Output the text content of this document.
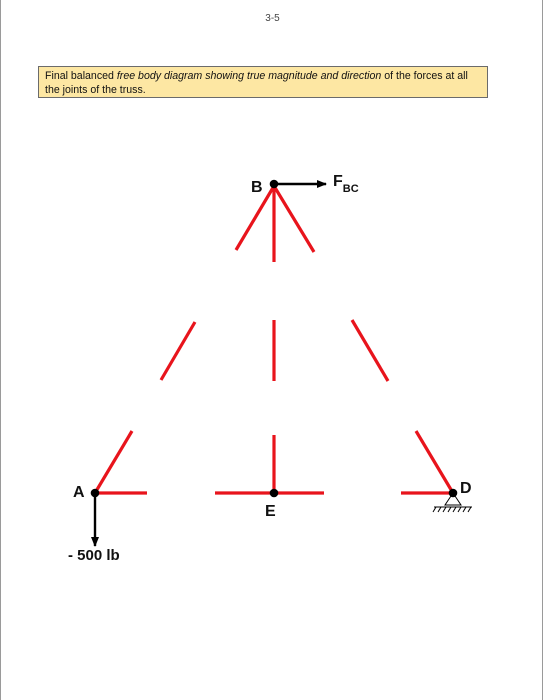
3-5
Final balanced free body diagram showing true magnitude and direction of the forces at all the joints of the truss.
B
A
E
D
$F_{BC}$
- 500 lb
